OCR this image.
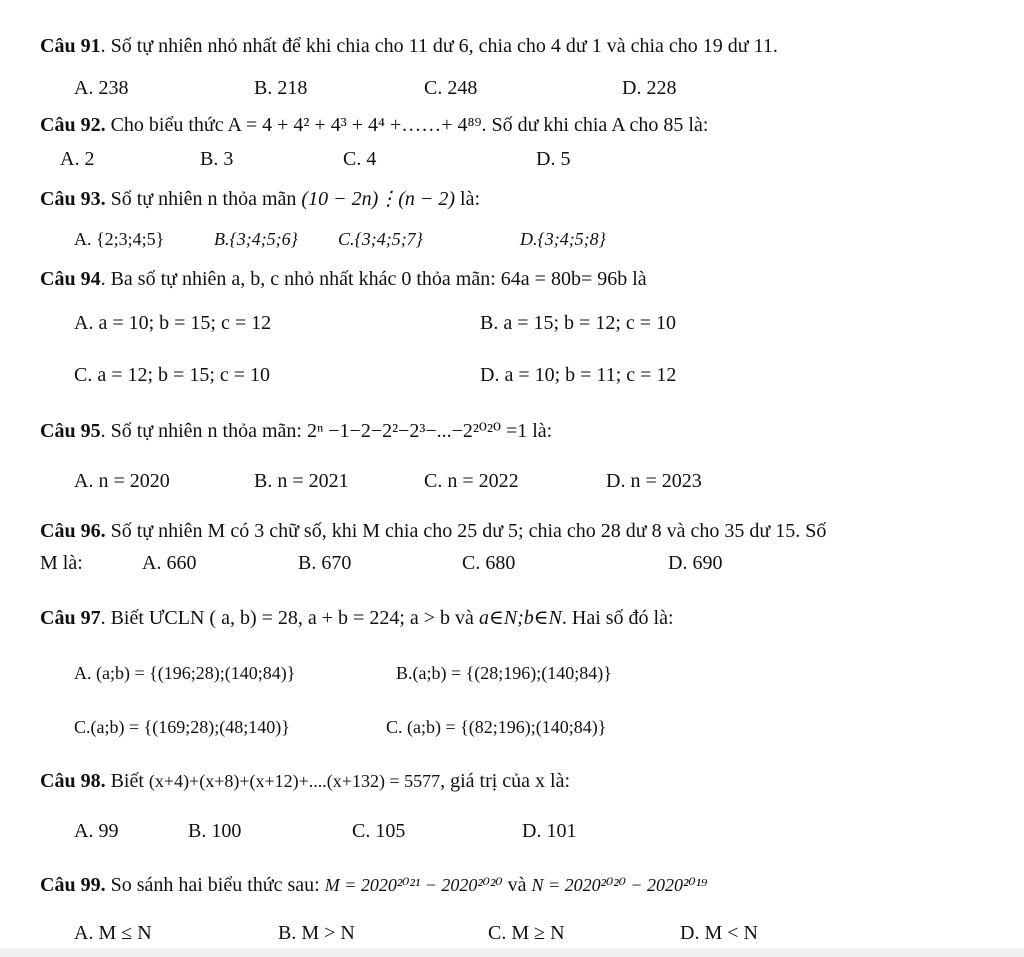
Câu 91. Số tự nhiên nhỏ nhất để khi chia cho 11 dư 6, chia cho 4 dư 1 và chia cho 19 dư 11.
A. 238	B. 218	C. 248	D. 228
Câu 92. Cho biểu thức A = 4 + 4² + 4³ + 4⁴ +……+ 4⁸⁹. Số dư khi chia A cho 85 là:
A. 2	B. 3	C. 4	D. 5
Câu 93. Số tự nhiên n thỏa mãn (10 − 2n)⋮(n − 2) là:
A. {2;3;4;5}	B.{3;4;5;6} C.{3;4;5;7}	D.{3;4;5;8}
Câu 94. Ba số tự nhiên a, b, c nhỏ nhất khác 0 thỏa mãn: 64a = 80b= 96b là
A. a = 10; b = 15; c = 12	B. a = 15; b = 12; c = 10
C. a = 12; b = 15; c = 10	D. a = 10; b = 11; c = 12
Câu 95. Số tự nhiên n thỏa mãn: 2ⁿ −1−2−2²−2³−...−2²⁰²⁰ =1 là:
A. n = 2020	B. n = 2021	C. n = 2022	D. n = 2023
Câu 96. Số tự nhiên M có 3 chữ số, khi M chia cho 25 dư 5; chia cho 28 dư 8 và cho 35 dư 15. Số
M là:	A. 660	B. 670	C. 680	D. 690
Câu 97. Biết ƯCLN ( a, b) = 28, a + b = 224; a > b và a∈N;b∈N. Hai số đó là:
A. (a;b) = {(196;28);(140;84)}	B.(a;b) = {(28;196);(140;84)}
C.(a;b) = {(169;28);(48;140)}	C. (a;b) = {(82;196);(140;84)}
Câu 98. Biết (x+4)+(x+8)+(x+12)+....(x+132) = 5577, giá trị của x là:
A. 99	B. 100	C. 105	D. 101
Câu 99. So sánh hai biểu thức sau: M = 2020²⁰²¹ − 2020²⁰²⁰ và N = 2020²⁰²⁰ − 2020²⁰¹⁹
A. M ≤ N	B. M > N	C. M ≥ N	D. M < N
